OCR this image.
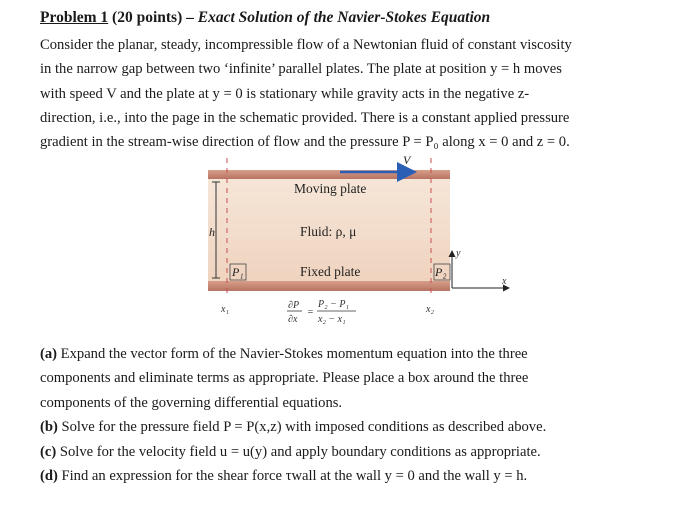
Problem 1 (20 points) – Exact Solution of the Navier-Stokes Equation
Consider the planar, steady, incompressible flow of a Newtonian fluid of constant viscosity
in the narrow gap between two ‘infinite’ parallel plates. The plate at position y = h moves
with speed V and the plate at y = 0 is stationary while gravity acts in the negative z-
direction, i.e., into the page in the schematic provided. There is a constant applied pressure
gradient in the stream-wise direction of flow and the pressure P = P₀ along x = 0 and z = 0.
V
h
Moving plate
Fluid: ρ, μ
Fixed plate
P₁	P₂
y
x
x₁	x₂
∂P
∂x
=
P₂ − P₁
x₂ − x₁
(a) Expand the vector form of the Navier-Stokes momentum equation into the three
components and eliminate terms as appropriate. Please place a box around the three
components of the governing differential equations.
(b) Solve for the pressure field P = P(x,z) with imposed conditions as described above.
(c) Solve for the velocity field u = u(y) and apply boundary conditions as appropriate.
(d) Find an expression for the shear force τwall at the wall y = 0 and the wall y = h.
